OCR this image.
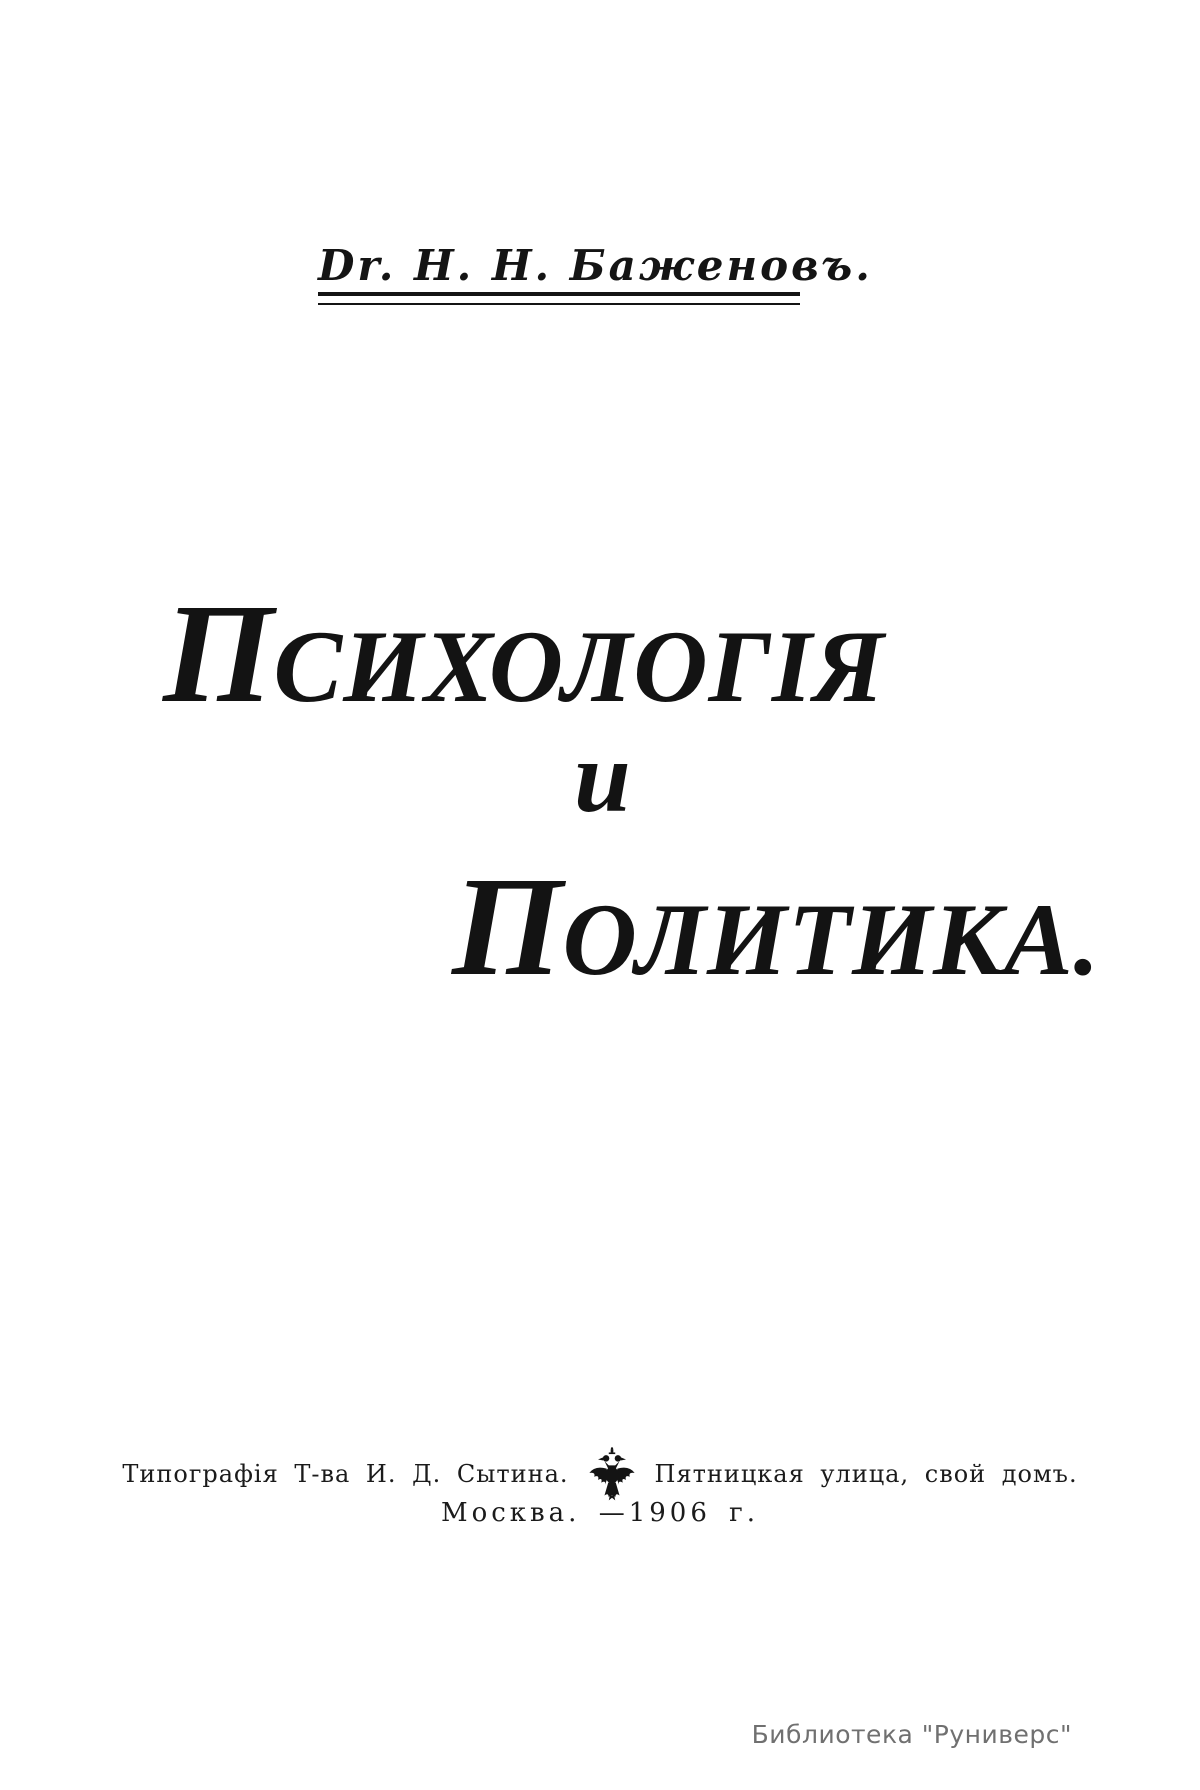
Dr. Н. Н. Баженовъ.
П СИХОЛОГІЯ
и
П ОЛИТИКА.
Типографія Т-ва И. Д. Сытина.	Пятницкая улица, свой домъ.
Москва. —1906 г.
Библиотека "Руниверс"
